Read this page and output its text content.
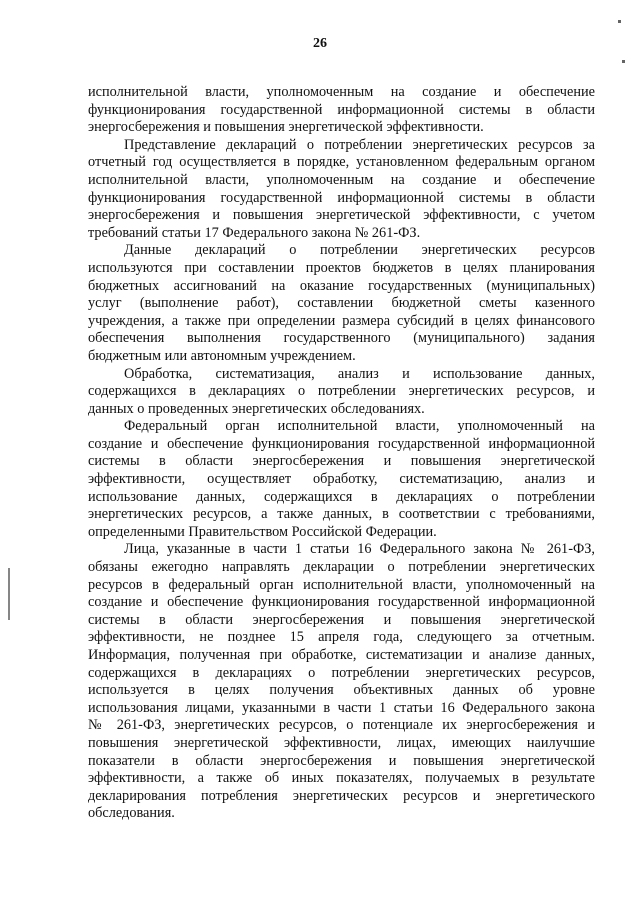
26
исполнительной власти, уполномоченным на создание и обеспечение
функционирования государственной информационной системы в области
энергосбережения и повышения энергетической эффективности.
Представление деклараций о потреблении энергетических ресурсов за
отчетный год осуществляется в порядке, установленном федеральным органом
исполнительной власти, уполномоченным на создание и обеспечение
функционирования государственной информационной системы в области
энергосбережения и повышения энергетической эффективности, с учетом
требований статьи 17 Федерального закона № 261-ФЗ.
Данные деклараций о потреблении энергетических ресурсов
используются при составлении проектов бюджетов в целях планирования
бюджетных ассигнований на оказание государственных (муниципальных)
услуг (выполнение работ), составлении бюджетной сметы казенного
учреждения, а также при определении размера субсидий в целях финансового
обеспечения выполнения государственного (муниципального) задания
бюджетным или автономным учреждением.
Обработка, систематизация, анализ и использование данных,
содержащихся в декларациях о потреблении энергетических ресурсов, и
данных о проведенных энергетических обследованиях.
Федеральный орган исполнительной власти, уполномоченный на
создание и обеспечение функционирования государственной информационной
системы в области энергосбережения и повышения энергетической
эффективности, осуществляет обработку, систематизацию, анализ и
использование данных, содержащихся в декларациях о потреблении
энергетических ресурсов, а также данных, в соответствии с требованиями,
определенными Правительством Российской Федерации.
Лица, указанные в части 1 статьи 16 Федерального закона № 261-ФЗ,
обязаны ежегодно направлять декларации о потреблении энергетических
ресурсов в федеральный орган исполнительной власти, уполномоченный на
создание и обеспечение функционирования государственной информационной
системы в области энергосбережения и повышения энергетической
эффективности, не позднее 15 апреля года, следующего за отчетным.
Информация, полученная при обработке, систематизации и анализе данных,
содержащихся в декларациях о потреблении энергетических ресурсов,
используется в целях получения объективных данных об уровне
использования лицами, указанными в части 1 статьи 16 Федерального закона
№ 261-ФЗ, энергетических ресурсов, о потенциале их энергосбережения и
повышения энергетической эффективности, лицах, имеющих наилучшие
показатели в области энергосбережения и повышения энергетической
эффективности, а также об иных показателях, получаемых в результате
декларирования потребления энергетических ресурсов и энергетического
обследования.
